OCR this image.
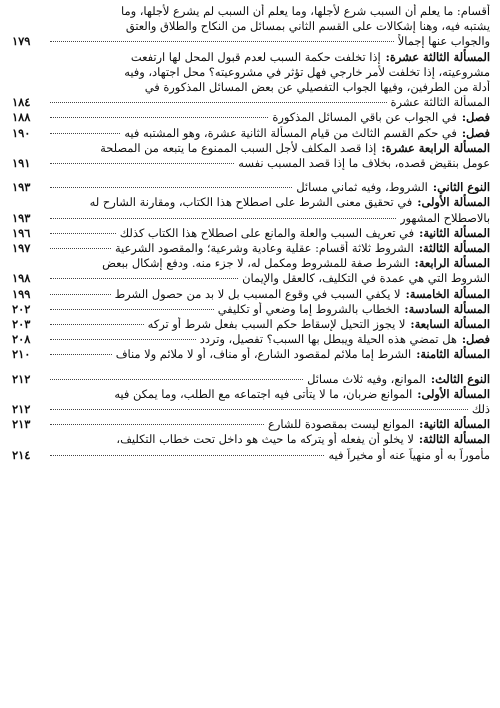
أقسام: ما يعلم أن السبب شرع لأجلها، وما يعلم أن السبب لم يشرع لأجلها، وما
يشتبه فيه، وهنا إشكالات على القسم الثاني بمسائل من النكاح والطلاق والعتق
والجواب عنها إجمالاً
١٧٩
المسألة الثالثة عشرة:
إذا تخلفت حكمة السبب لعدم قبول المحل لها ارتفعت
مشروعيته، إذا تخلفت لأمر خارجي فهل تؤثر في مشروعيته؟ محل اجتهاد، وفيه
أدلة من الطرفين، وفيها الجواب التفصيلي عن بعض المسائل المذكورة في
المسألة الثالثة عشرة
١٨٤
فصل:
في الجواب عن باقي المسائل المذكورة
١٨٨
فصل:
في حكم القسم الثالث من قيام المسألة الثانية عشرة، وهو المشتبه فيه
١٩٠
المسألة الرابعة عشرة:
إذا قصد المكلف لأجل السبب الممنوع ما يتبعه من المصلحة
عومل بنقيض قصده، بخلاف ما إذا قصد المسبب نفسه
١٩١
النوع الثاني:
الشروط، وفيه ثماني مسائل
١٩٣
المسألة الأولى:
في تحقيق معنى الشرط على اصطلاح هذا الكتاب، ومقارنة الشارح له
بالاصطلاح المشهور
١٩٣
المسألة الثانية:
في تعريف السبب والعلة والمانع على اصطلاح هذا الكتاب كذلك
١٩٦
المسألة الثالثة:
الشروط ثلاثة أقسام: عقلية وعادية وشرعية؛ والمقصود الشرعية
١٩٧
المسألة الرابعة:
الشرط صفة للمشروط ومكمل له، لا جزء منه. ودفع إشكال ببعض
الشروط التي هي عمدة في التكليف، كالعقل والإيمان
١٩٨
المسألة الخامسة:
لا يكفي السبب في وقوع المسبب بل لا بد من حصول الشرط
١٩٩
المسألة السادسة:
الخطاب بالشروط إما وضعي أو تكليفي
٢٠٢
المسألة السابعة:
لا يجوز التحيل لإسقاط حكم السبب بفعل شرط أو تركه
٢٠٣
فصل:
هل تمضي هذه الحيلة ويبطل بها السبب؟ تفصيل، وتردد
٢٠٨
المسألة الثامنة:
الشرط إما ملائم لمقصود الشارع، أو مناف، أو لا ملائم ولا مناف
٢١٠
النوع الثالث:
الموانع، وفيه ثلاث مسائل
٢١٢
المسألة الأولى:
الموانع ضربان، ما لا يتأتى فيه اجتماعه مع الطلب، وما يمكن فيه
ذلك
٢١٢
المسألة الثانية:
الموانع ليست بمقصودة للشارع
٢١٣
المسألة الثالثة:
لا يخلو أن يفعله أو يتركه ما حيث هو داخل تحت خطاب التكليف،
مأموراً به أو منهياً عنه أو مخيراً فيه
٢١٤
